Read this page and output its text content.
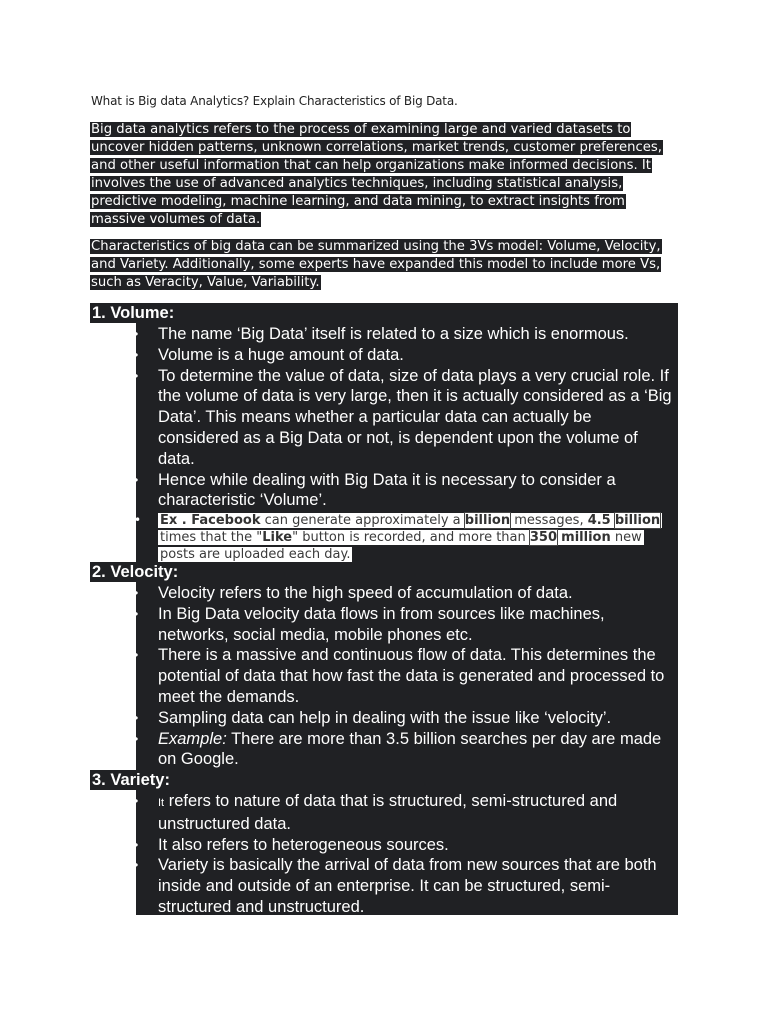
What is Big data Analytics? Explain Characteristics of Big Data.
Big data analytics refers to the process of examining large and varied datasets to uncover hidden patterns, unknown correlations, market trends, customer preferences, and other useful information that can help organizations make informed decisions. It involves the use of advanced analytics techniques, including statistical analysis, predictive modeling, machine learning, and data mining, to extract insights from massive volumes of data.
Characteristics of big data can be summarized using the 3Vs model: Volume, Velocity, and Variety. Additionally, some experts have expanded this model to include more Vs, such as Veracity, Value, Variability.
1. Volume:
• The name ‘Big Data’ itself is related to a size which is enormous.
• Volume is a huge amount of data.
• To determine the value of data, size of data plays a very crucial role. If the volume of data is very large, then it is actually considered as a ‘Big Data’. This means whether a particular data can actually be considered as a Big Data or not, is dependent upon the volume of data.
• Hence while dealing with Big Data it is necessary to consider a characteristic ‘Volume’.
• Ex . Facebook can generate approximately a billion messages, 4.5 billion times that the "Like" button is recorded, and more than 350 million new posts are uploaded each day.
2. Velocity:
• Velocity refers to the high speed of accumulation of data.
• In Big Data velocity data flows in from sources like machines, networks, social media, mobile phones etc.
• There is a massive and continuous flow of data. This determines the potential of data that how fast the data is generated and processed to meet the demands.
• Sampling data can help in dealing with the issue like ‘velocity’.
• Example: There are more than 3.5 billion searches per day are made on Google.
3. Variety:
• It refers to nature of data that is structured, semi-structured and unstructured data.
• It also refers to heterogeneous sources.
• Variety is basically the arrival of data from new sources that are both inside and outside of an enterprise. It can be structured, semi-structured and unstructured.
